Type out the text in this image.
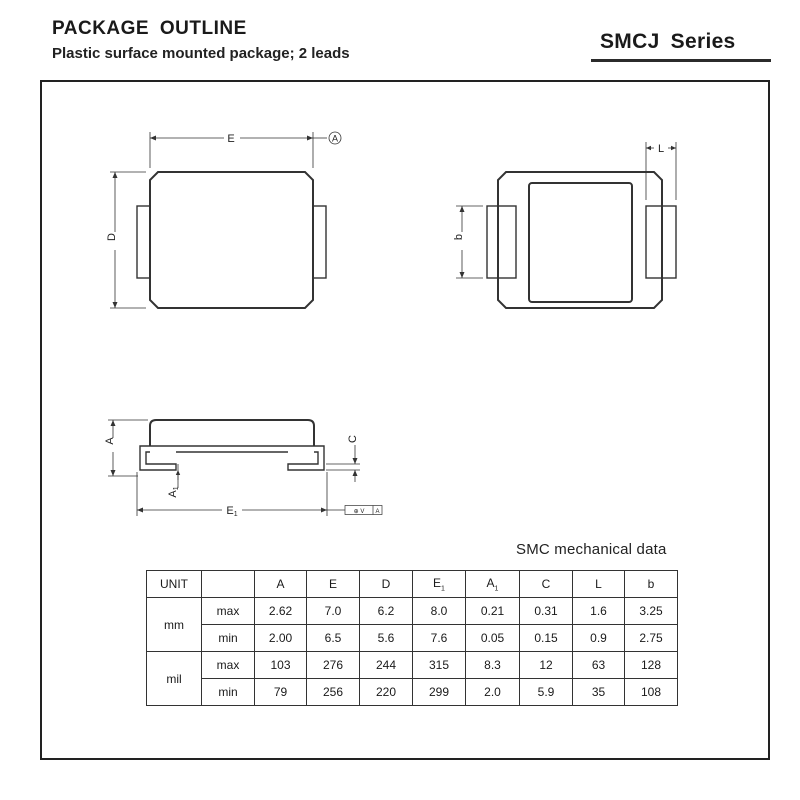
PACKAGE OUTLINE
Plastic surface mounted package; 2 leads
SMCJ Series
E	A
D
L
b
A	C
A1
E1	⊕ V A
SMC mechanical data
UNIT		A	E	D	$E_1$	$A_1$	C	L	b
mm	max	2.62	7.0	6.2	8.0	0.21	0.31	1.6	3.25
	min	2.00	6.5	5.6	7.6	0.05	0.15	0.9	2.75
mil	max	103	276	244	315	8.3	12	63	128
	min	79	256	220	299	2.0	5.9	35	108
